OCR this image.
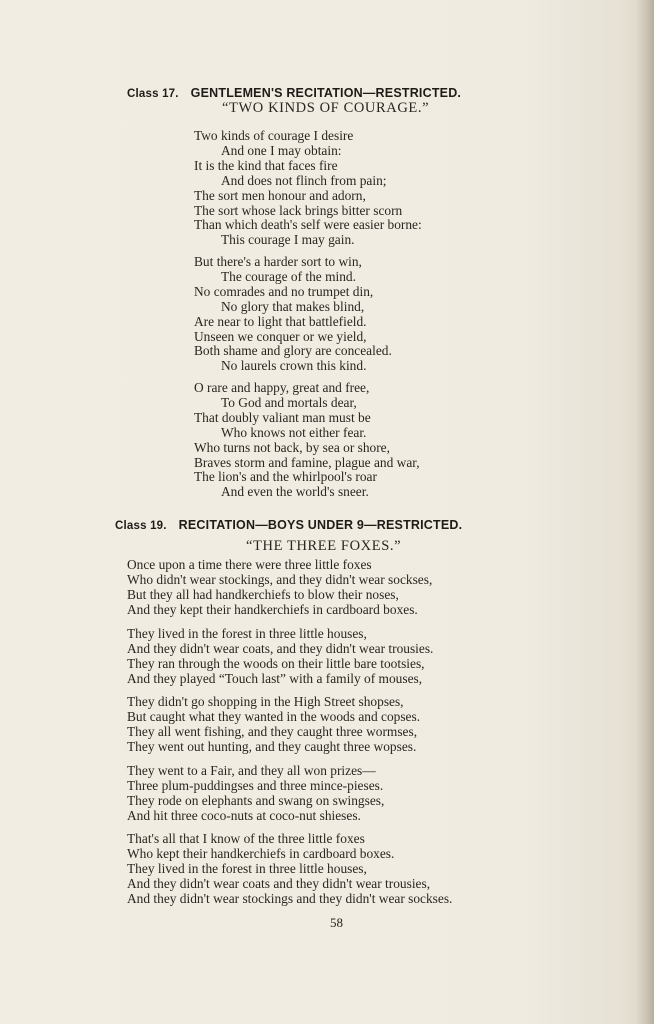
Class 17. GENTLEMEN'S RECITATION—RESTRICTED.
“TWO KINDS OF COURAGE.”
Two kinds of courage I desire
And one I may obtain:
It is the kind that faces fire
And does not flinch from pain;
The sort men honour and adorn,
The sort whose lack brings bitter scorn
Than which death's self were easier borne:
This courage I may gain.
But there's a harder sort to win,
The courage of the mind.
No comrades and no trumpet din,
No glory that makes blind,
Are near to light that battlefield.
Unseen we conquer or we yield,
Both shame and glory are concealed.
No laurels crown this kind.
O rare and happy, great and free,
To God and mortals dear,
That doubly valiant man must be
Who knows not either fear.
Who turns not back, by sea or shore,
Braves storm and famine, plague and war,
The lion's and the whirlpool's roar
And even the world's sneer.
Class 19. RECITATION—BOYS UNDER 9—RESTRICTED.
“THE THREE FOXES.”
Once upon a time there were three little foxes
Who didn't wear stockings, and they didn't wear sockses,
But they all had handkerchiefs to blow their noses,
And they kept their handkerchiefs in cardboard boxes.
They lived in the forest in three little houses,
And they didn't wear coats, and they didn't wear trousies.
They ran through the woods on their little bare tootsies,
And they played “Touch last” with a family of mouses,
They didn't go shopping in the High Street shopses,
But caught what they wanted in the woods and copses.
They all went fishing, and they caught three wormses,
They went out hunting, and they caught three wopses.
They went to a Fair, and they all won prizes—
Three plum-puddingses and three mince-pieses.
They rode on elephants and swang on swingses,
And hit three coco-nuts at coco-nut shieses.
That's all that I know of the three little foxes
Who kept their handkerchiefs in cardboard boxes.
They lived in the forest in three little houses,
And they didn't wear coats and they didn't wear trousies,
And they didn't wear stockings and they didn't wear sockses.
58
